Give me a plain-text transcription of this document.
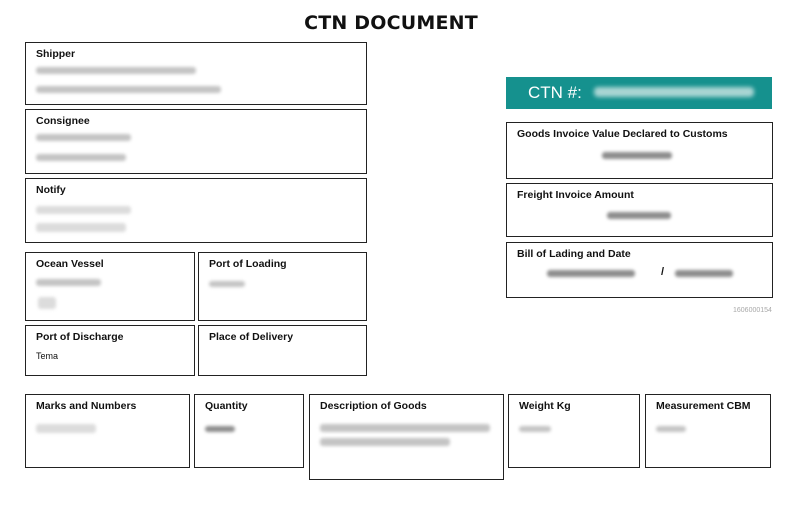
CTN DOCUMENT
Shipper
Consignee
Notify
Ocean Vessel	Port of Loading
Port of Discharge
Tema
Place of Delivery
CTN #:
Goods Invoice Value Declared to Customs
Freight Invoice Amount
Bill of Lading and Date
/
1606000154
Marks and Numbers	Quantity	Description of Goods	Weight Kg	Measurement CBM
